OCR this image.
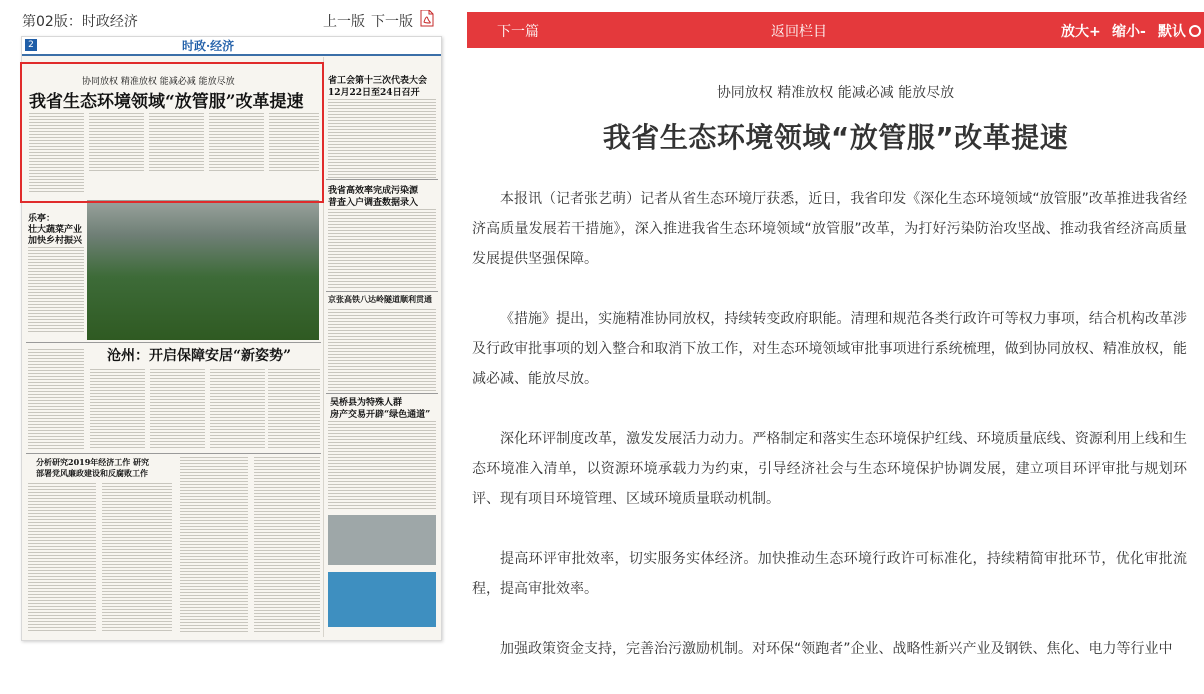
第02版：时政经济	上一版 下一版
2	时政·经济
协同放权 精准放权 能减必减 能放尽放
我省生态环境领域“放管服”改革提速
省工会第十三次代表大会
12月22日至24日召开
我省高效率完成污染源
普查入户调查数据录入
京张高铁八达岭隧道顺利贯通
吴桥县为特殊人群
房产交易开辟“绿色通道”
乐亭：
壮大蔬菜产业
加快乡村振兴
沧州：开启保障安居“新姿势”
分析研究2019年经济工作 研究
部署党风廉政建设和反腐败工作
下一篇	返回栏目	放大+ 缩小- 默认
协同放权 精准放权 能减必减 能放尽放
我省生态环境领域“放管服”改革提速

本报讯（记者张艺萌）记者从省生态环境厅获悉，近日，我省印发《深化生态环境领域“放管服”改革推进我省经济高质量发展若干措施》，深入推进我省生态环境领域“放管服”改革，为打好污染防治攻坚战、推动我省经济高质量发展提供坚强保障。

《措施》提出，实施精准协同放权，持续转变政府职能。清理和规范各类行政许可等权力事项，结合机构改革涉及行政审批事项的划入整合和取消下放工作，对生态环境领域审批事项进行系统梳理，做到协同放权、精准放权，能减必减、能放尽放。

深化环评制度改革，激发发展活力动力。严格制定和落实生态环境保护红线、环境质量底线、资源利用上线和生态环境准入清单，以资源环境承载力为约束，引导经济社会与生态环境保护协调发展，建立项目环评审批与规划环评、现有项目环境管理、区域环境质量联动机制。

提高环评审批效率，切实服务实体经济。加快推动生态环境行政许可标准化，持续精简审批环节，优化审批流程，提高审批效率。

加强政策资金支持，完善治污激励机制。对环保“领跑者”企业、战略性新兴产业及钢铁、焦化、电力等行业中
